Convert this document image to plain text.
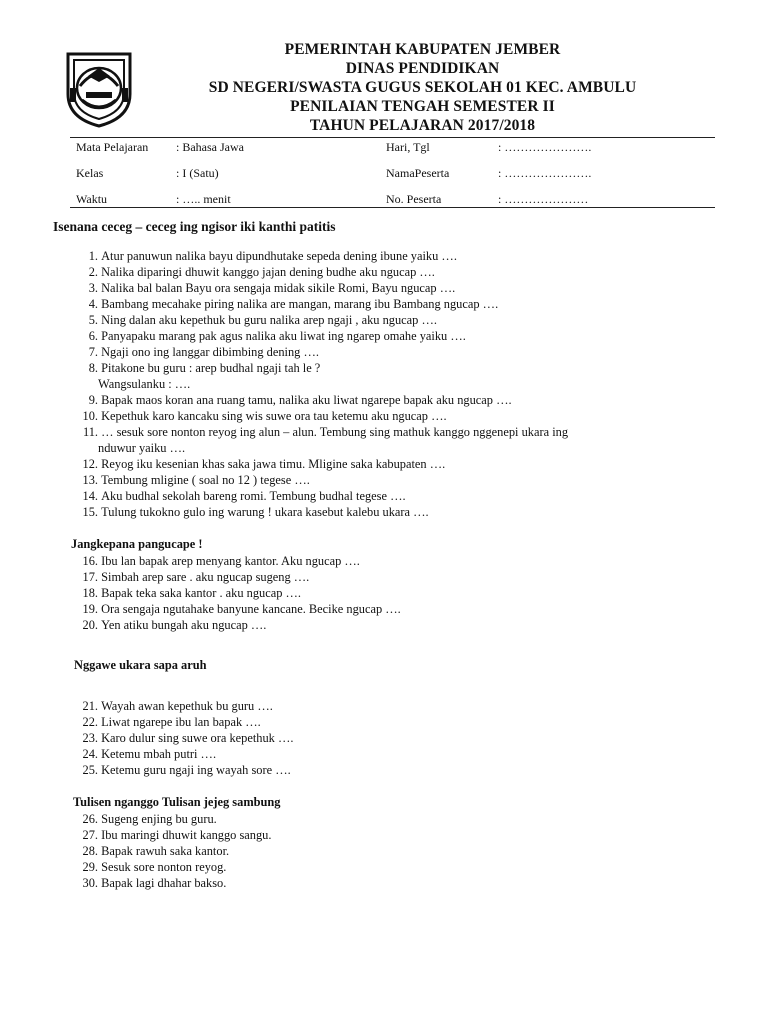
PEMERINTAH KABUPATEN JEMBER
DINAS PENDIDIKAN
SD NEGERI/SWASTA GUGUS SEKOLAH 01 KEC. AMBULU
PENILAIAN TENGAH SEMESTER II
TAHUN PELAJARAN 2017/2018
Mata Pelajaran : Bahasa Jawa	Hari, Tgl	: ………………….
Kelas	: I (Satu)	NamaPeserta	: ………………….
Waktu	: ….. menit	No. Peserta	: …………………
Isenana ceceg – ceceg ing ngisor iki kanthi patitis
1. Atur panuwun nalika bayu dipundhutake sepeda dening ibune yaiku ….
2. Nalika diparingi dhuwit kanggo jajan dening budhe aku ngucap ….
3. Nalika bal balan Bayu ora sengaja midak sikile Romi, Bayu ngucap ….
4. Bambang mecahake piring nalika are mangan, marang ibu Bambang ngucap ….
5. Ning dalan aku kepethuk bu guru nalika arep ngaji , aku ngucap ….
6. Panyapaku marang pak agus nalika aku liwat ing ngarep omahe yaiku ….
7. Ngaji ono ing langgar dibimbing dening ….
8. Pitakone bu guru : arep budhal ngaji tah le ?
Wangsulanku : ….
9. Bapak maos koran ana ruang tamu, nalika aku liwat ngarepe bapak aku ngucap ….
10. Kepethuk karo kancaku sing wis suwe ora tau ketemu aku ngucap ….
11. … sesuk sore nonton reyog ing alun – alun. Tembung sing mathuk kanggo nggenepi ukara ing
nduwur yaiku ….
12. Reyog iku kesenian khas saka jawa timu. Mligine saka kabupaten ….
13. Tembung mligine ( soal no 12 ) tegese ….
14. Aku budhal sekolah bareng romi. Tembung budhal tegese ….
15. Tulung tukokno gulo ing warung ! ukara kasebut kalebu ukara ….
Jangkepana pangucape !
16. Ibu lan bapak arep menyang kantor. Aku ngucap ….
17. Simbah arep sare . aku ngucap sugeng ….
18. Bapak teka saka kantor . aku ngucap ….
19. Ora sengaja ngutahake banyune kancane. Becike ngucap ….
20. Yen atiku bungah aku ngucap ….
Nggawe ukara sapa aruh
21. Wayah awan kepethuk bu guru ….
22. Liwat ngarepe ibu lan bapak ….
23. Karo dulur sing suwe ora kepethuk ….
24. Ketemu mbah putri ….
25. Ketemu guru ngaji ing wayah sore ….
Tulisen nganggo Tulisan jejeg sambung
26. Sugeng enjing bu guru.
27. Ibu maringi dhuwit kanggo sangu.
28. Bapak rawuh saka kantor.
29. Sesuk sore nonton reyog.
30. Bapak lagi dhahar bakso.
